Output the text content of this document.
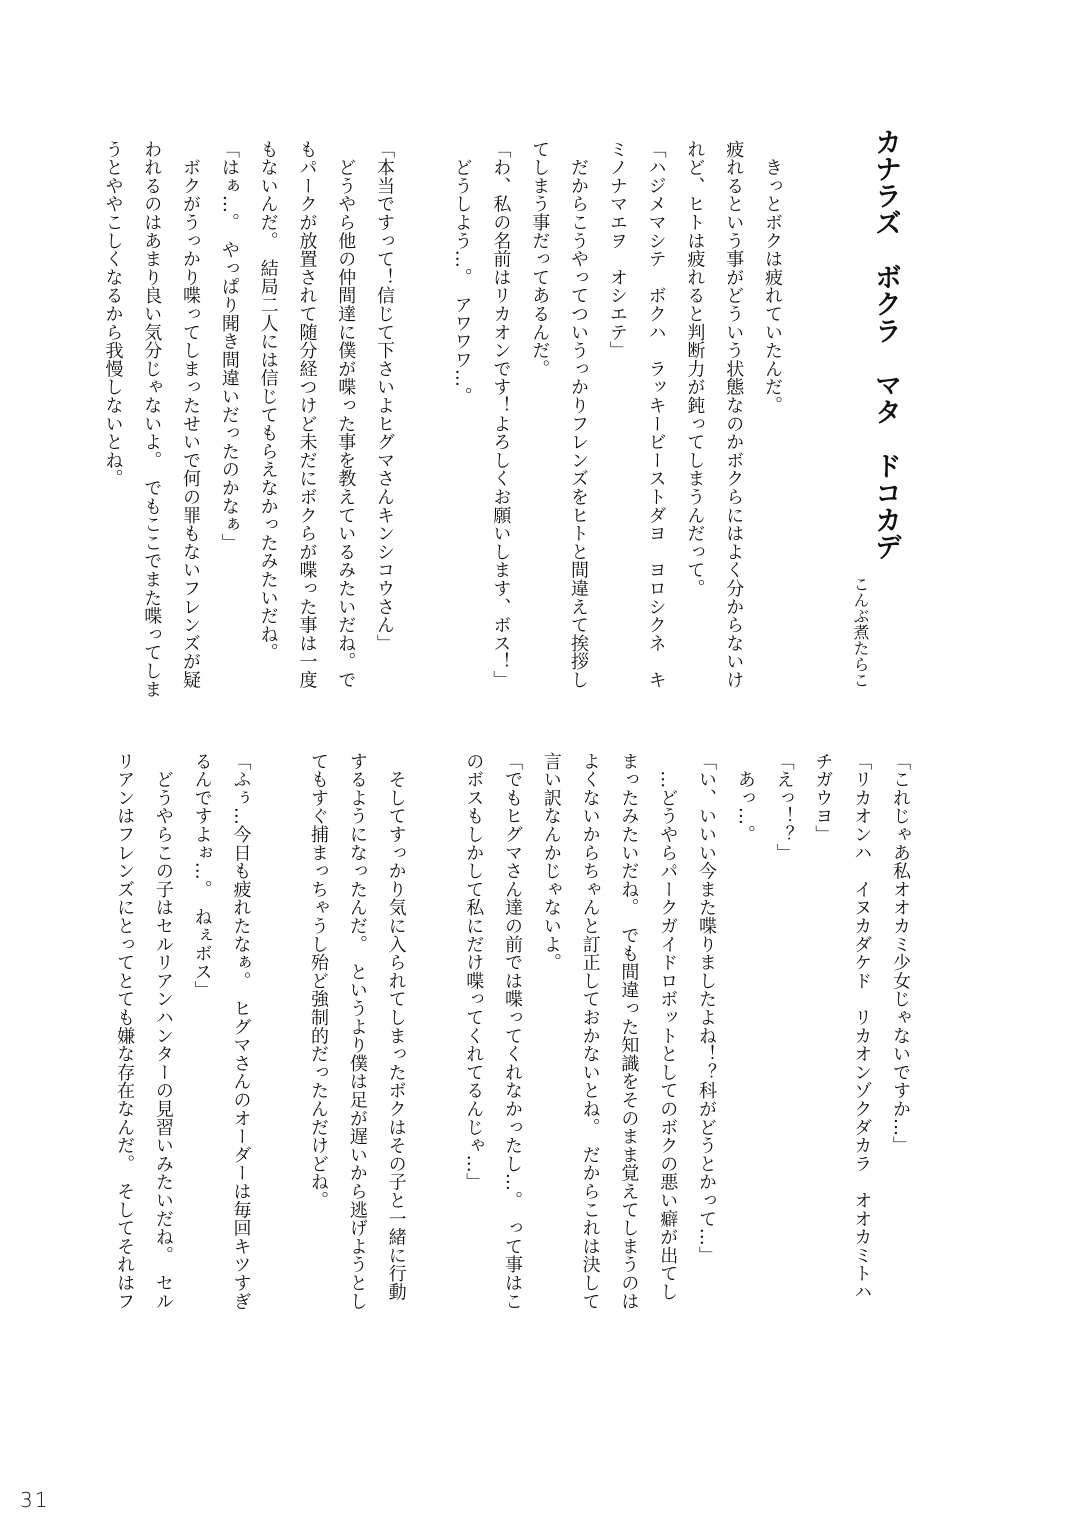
カナラズ　ボクラ　マタ　ドコカデ
こんぶ煮たらこ
　きっとボクは疲れていたんだ。
疲れるという事がどういう状態なのかボクらにはよく分からないけ
れど、ヒトは疲れると判断力が鈍ってしまうんだって。
「ハジメマシテ　ボクハ　ラッキービーストダヨ　ヨロシクネ　キ
ミノナマエヲ　オシエテ」
　だからこうやってついうっかりフレンズをヒトと間違えて挨拶し
てしまう事だってあるんだ。
「わ、私の名前はリカオンです！よろしくお願いします、ボス！」
　どうしよう…。　アワワワ…。
「本当ですって！信じて下さいよヒグマさんキンシコウさん」
　どうやら他の仲間達に僕が喋った事を教えているみたいだね。で
もパークが放置されて随分経つけど未だにボクらが喋った事は一度
もないんだ。　結局二人には信じてもらえなかったみたいだね。
「はぁ…。　やっぱり聞き間違いだったのかなぁ」
　ボクがうっかり喋ってしまったせいで何の罪もないフレンズが疑
われるのはあまり良い気分じゃないよ。　でもここでまた喋ってしま
うとややこしくなるから我慢しないとね。
「これじゃあ私オオカミ少女じゃないですか…」
「リカオンハ　イヌカダケド　リカオンゾクダカラ　オオカミトハ
チガウヨ」
「えっ！？」
　あっ…。
「い、いいい今また喋りましたよね！？科がどうとかって…」
　…どうやらパークガイドロボットとしてのボクの悪い癖が出てし
まったみたいだね。　でも間違った知識をそのまま覚えてしまうのは
よくないからちゃんと訂正しておかないとね。　だからこれは決して
言い訳なんかじゃないよ。
「でもヒグマさん達の前では喋ってくれなかったし…。　って事はこ
のボスもしかして私にだけ喋ってくれてるんじゃ…」
　そしてすっかり気に入られてしまったボクはその子と一緒に行動
するようになったんだ。　というより僕は足が遅いから逃げようとし
てもすぐ捕まっちゃうし殆ど強制的だったんだけどね。
「ふぅ…今日も疲れたなぁ。　ヒグマさんのオーダーは毎回キツすぎ
るんですよぉ…。　ねぇボス」
　どうやらこの子はセルリアンハンターの見習いみたいだね。　セル
リアンはフレンズにとってとても嫌な存在なんだ。　そしてそれはフ
31
